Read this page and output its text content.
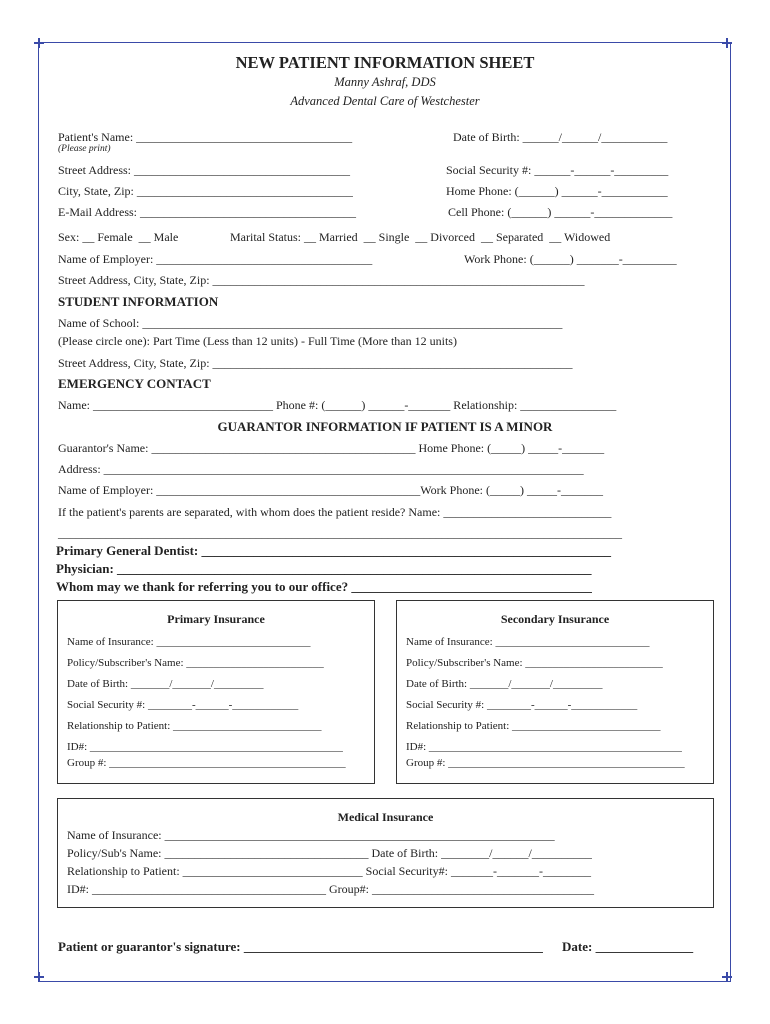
NEW PATIENT INFORMATION SHEET
Manny Ashraf, DDS
Advanced Dental Care of Westchester
Patient's Name: ____________________________________
(Please print)
Date of Birth: ______/______/___________
Street Address: ____________________________________	Social Security #: ______-______-_________
City, State, Zip: ____________________________________	Home Phone: (______) ______-___________
E-Mail Address: ____________________________________	Cell Phone: (______) ______-_____________
Sex: __ Female  __ Male	Marital Status: __ Married  __ Single  __ Divorced  __ Separated  __ Widowed
Name of Employer: ____________________________________	Work Phone: (______) _______-_________
Street Address, City, State, Zip: ______________________________________________________________
STUDENT INFORMATION
Name of School: ______________________________________________________________________
(Please circle one): Part Time (Less than 12 units) - Full Time (More than 12 units)
Street Address, City, State, Zip: ____________________________________________________________
EMERGENCY CONTACT
Name: ______________________________ Phone #: (______) ______-_______ Relationship: ________________
GUARANTOR INFORMATION IF PATIENT IS A MINOR
Guarantor's Name: ____________________________________________ Home Phone: (_____) _____-_______
Address: ________________________________________________________________________________
Name of Employer: ____________________________________________Work Phone: (_____) _____-_______
If the patient's parents are separated, with whom does the patient reside? Name: ____________________________
______________________________________________________________________________________________
Primary General Dentist: _______________________________________________________________
Physician: _________________________________________________________________________
Whom may we thank for referring you to our office? _____________________________________
Primary Insurance
Name of Insurance: ____________________________
Policy/Subscriber's Name: _________________________
Date of Birth: _______/_______/_________
Social Security #: ________-______-____________
Relationship to Patient: ___________________________
ID#: ______________________________________________
Group #: ___________________________________________
Secondary Insurance
Name of Insurance: ____________________________
Policy/Subscriber's Name: _________________________
Date of Birth: _______/_______/_________
Social Security #: ________-______-____________
Relationship to Patient: ___________________________
ID#: ______________________________________________
Group #: ___________________________________________
Medical Insurance
Name of Insurance: _________________________________________________________________
Policy/Sub's Name: __________________________________ Date of Birth: ________/______/__________
Relationship to Patient: ______________________________ Social Security#: _______-_______-________
ID#: _______________________________________ Group#: _____________________________________
Patient or guarantor's signature: ______________________________________________ Date: _______________
